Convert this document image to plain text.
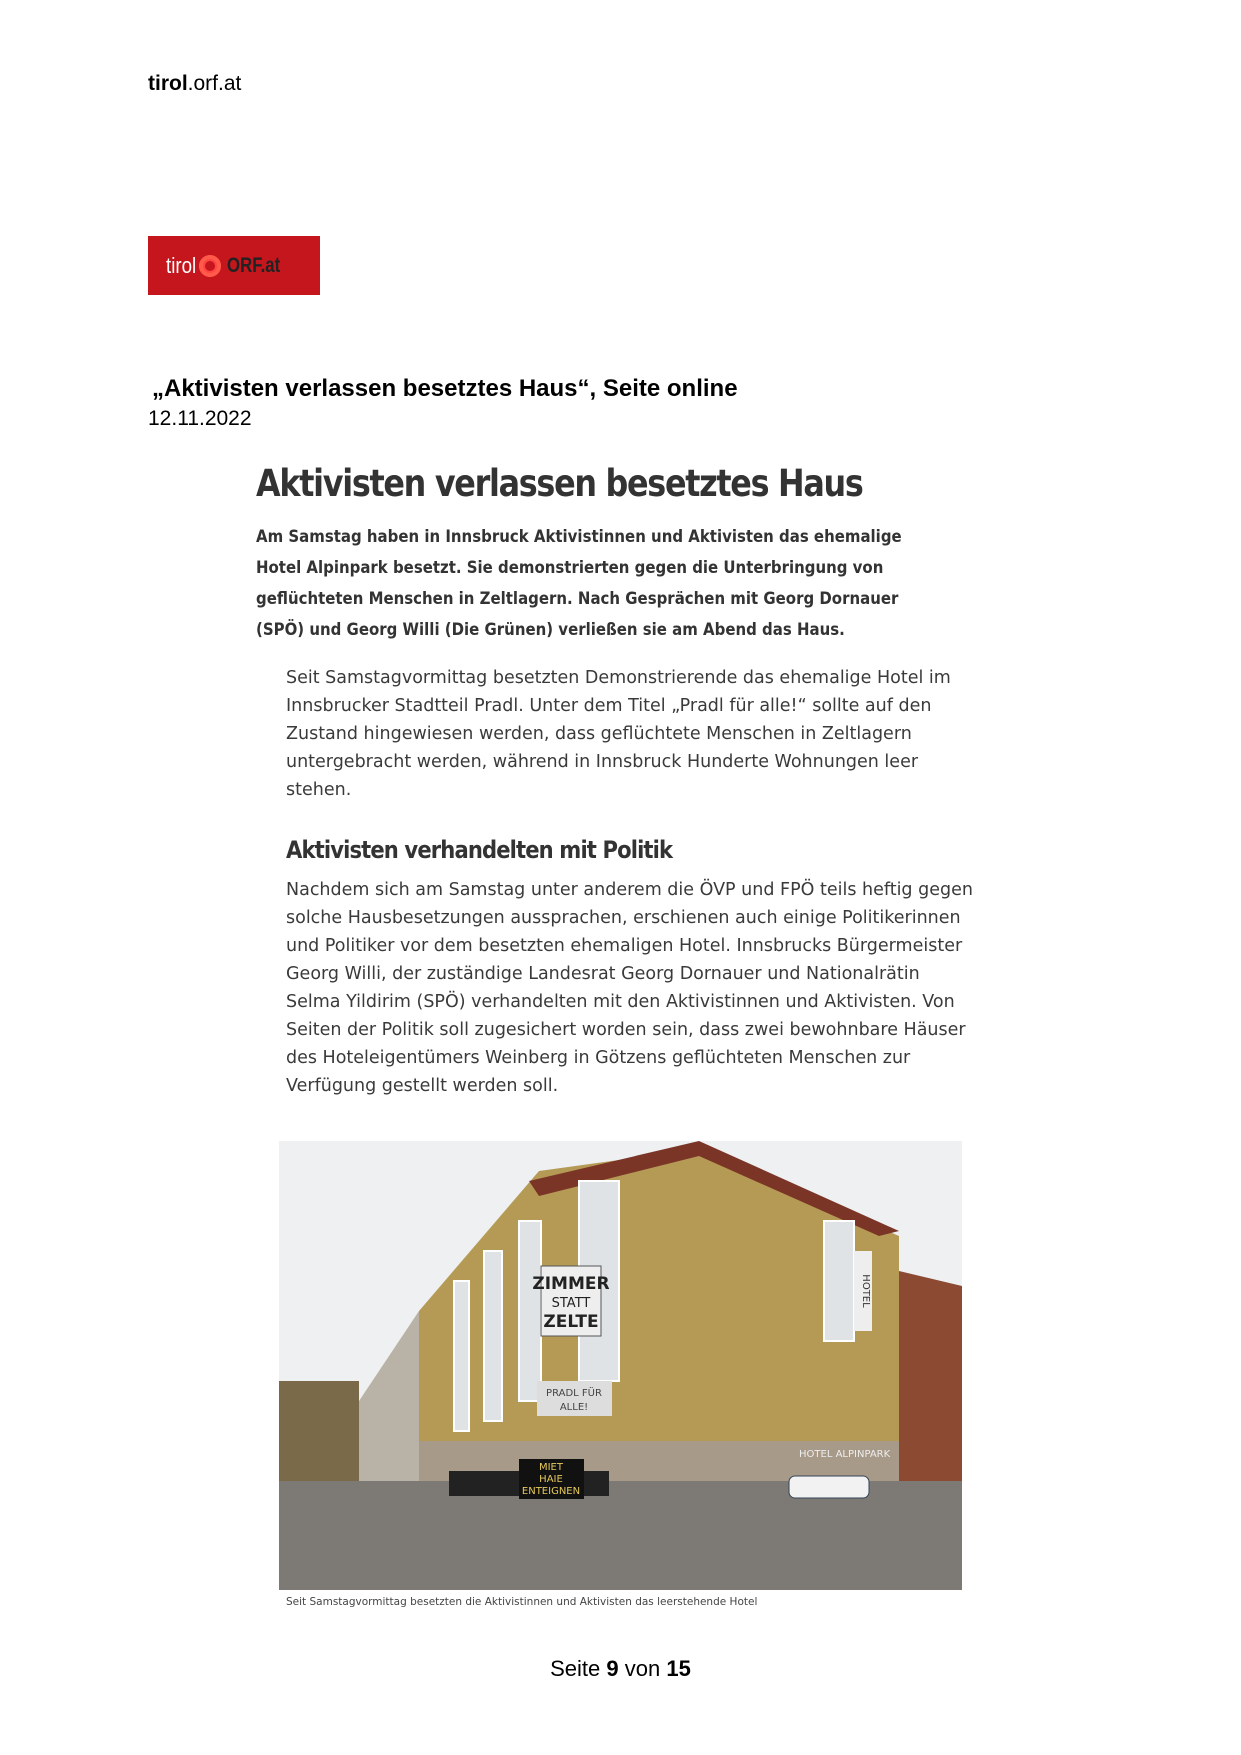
tirol.orf.at
tirol ORF.at
„Aktivisten verlassen besetztes Haus“, Seite online
12.11.2022
Aktivisten verlassen besetztes Haus
Am Samstag haben in Innsbruck Aktivistinnen und Aktivisten das ehemalige Hotel Alpinpark besetzt. Sie demonstrierten gegen die Unterbringung von geflüchteten Menschen in Zeltlagern. Nach Gesprächen mit Georg Dornauer (SPÖ) und Georg Willi (Die Grünen) verließen sie am Abend das Haus.
Seit Samstagvormittag besetzten Demonstrierende das ehemalige Hotel im Innsbrucker Stadtteil Pradl. Unter dem Titel „Pradl für alle!“ sollte auf den Zustand hingewiesen werden, dass geflüchtete Menschen in Zeltlagern untergebracht werden, während in Innsbruck Hunderte Wohnungen leer stehen.
Aktivisten verhandelten mit Politik
Nachdem sich am Samstag unter anderem die ÖVP und FPÖ teils heftig gegen solche Hausbesetzungen aussprachen, erschienen auch einige Politikerinnen und Politiker vor dem besetzten ehemaligen Hotel. Innsbrucks Bürgermeister Georg Willi, der zuständige Landesrat Georg Dornauer und Nationalrätin Selma Yildirim (SPÖ) verhandelten mit den Aktivistinnen und Aktivisten. Von Seiten der Politik soll zugesichert worden sein, dass zwei bewohnbare Häuser des Hoteleigentümers Weinberg in Götzens geflüchteten Menschen zur Verfügung gestellt werden soll.
ZIMMER
STATT
ZELTE
PRADL FÜR
ALLE!
HOTEL
HOTEL ALPINPARK
MIET
HAIE
ENTEIGNEN
Seit Samstagvormittag besetzten die Aktivistinnen und Aktivisten das leerstehende Hotel
Seite 9 von 15
